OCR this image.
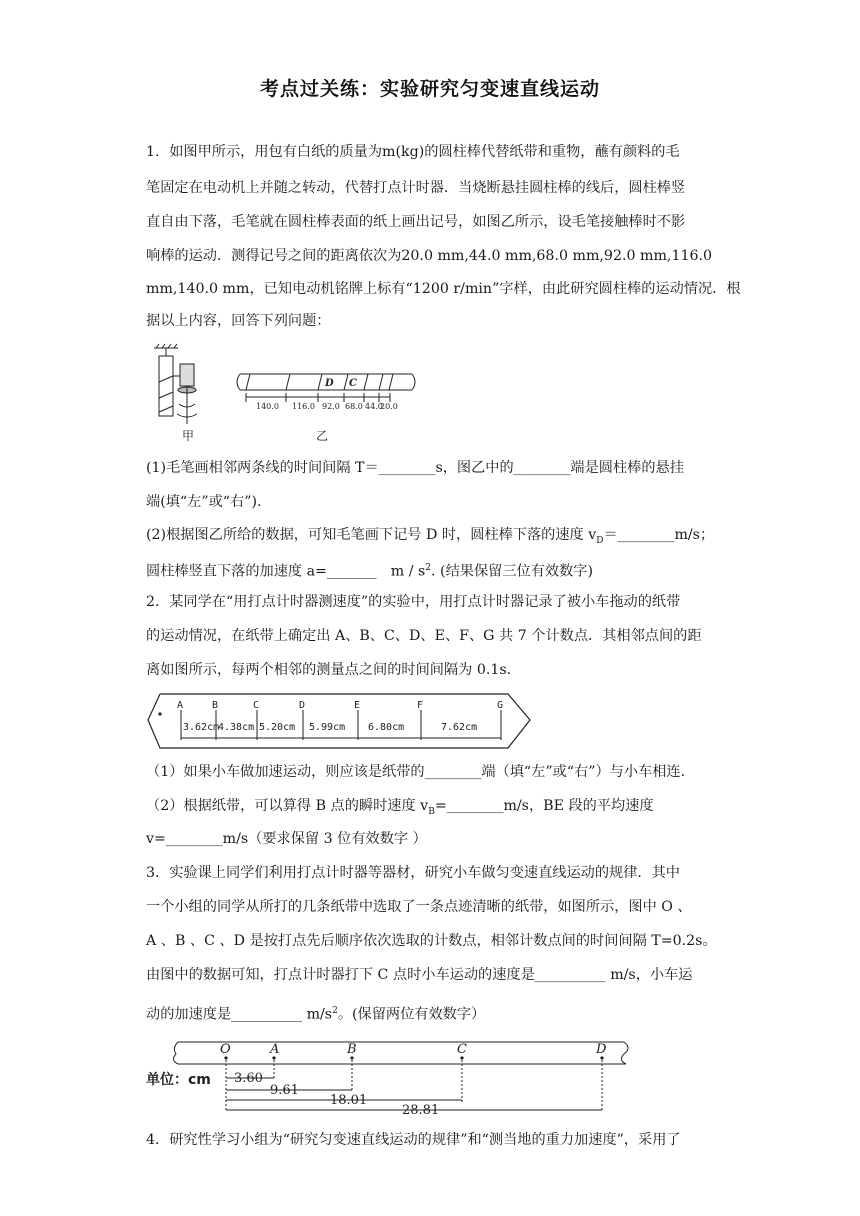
考点过关练：实验研究匀变速直线运动
1．如图甲所示，用包有白纸的质量为m(kg)的圆柱棒代替纸带和重物，蘸有颜料的毛
笔固定在电动机上并随之转动，代替打点计时器．当烧断悬挂圆柱棒的线后，圆柱棒竖
直自由下落，毛笔就在圆柱棒表面的纸上画出记号，如图乙所示，设毛笔接触棒时不影
响棒的运动．测得记号之间的距离依次为20.0 mm,44.0 mm,68.0 mm,92.0 mm,116.0
mm,140.0 mm，已知电动机铭牌上标有“1200 r/min”字样，由此研究圆柱棒的运动情况．根
据以上内容，回答下列问题：
甲
D C
140.0 116.0 92.0 68.0 44.0
20.0
乙
(1)毛笔画相邻两条线的时间间隔 T＝________s，图乙中的________端是圆柱棒的悬挂
端(填“左”或“右”).
(2)根据图乙所给的数据，可知毛笔画下记号 D 时，圆柱棒下落的速度 $v_D=\_\_\_\_\_\_\_\_m/s$；
圆柱棒竖直下落的加速度 a=_______　m / $s^2$. (结果保留三位有效数字)
2．某同学在“用打点计时器测速度”的实验中，用打点计时器记录了被小车拖动的纸带
的运动情况，在纸带上确定出 A、B、C、D、E、F、G 共 7 个计数点．其相邻点间的距
离如图所示，每两个相邻的测量点之间的时间间隔为 0.1s．
A	B	C	D	E	F	G
3.62cm
4.38cm 5.20cm 5.99cm 6.80cm	7.62cm
（1）如果小车做加速运动，则应该是纸带的________端（填“左”或“右”）与小车相连．
（2）根据纸带，可以算得 B 点的瞬时速度 $v_B=\_\_\_\_\_\_\_\_m/s$，BE 段的平均速度
v=________m/s（要求保留 3 位有效数字 ）
3．实验课上同学们利用打点计时器等器材，研究小车做匀变速直线运动的规律．其中
一个小组的同学从所打的几条纸带中选取了一条点迹清晰的纸带，如图所示，图中 O 、
A 、B 、C 、D 是按打点先后顺序依次选取的计数点，相邻计数点间的时间间隔 T=0.2s。
由图中的数据可知，打点计时器打下 C 点时小车运动的速度是__________ m/s，小车运
动的加速度是__________ $m/s^2$。(保留两位有效数字）
O	A	B	C	D
单位：cm 3.60
9.61
18.01
28.81
4．研究性学习小组为“研究匀变速直线运动的规律”和“测当地的重力加速度”，采用了
